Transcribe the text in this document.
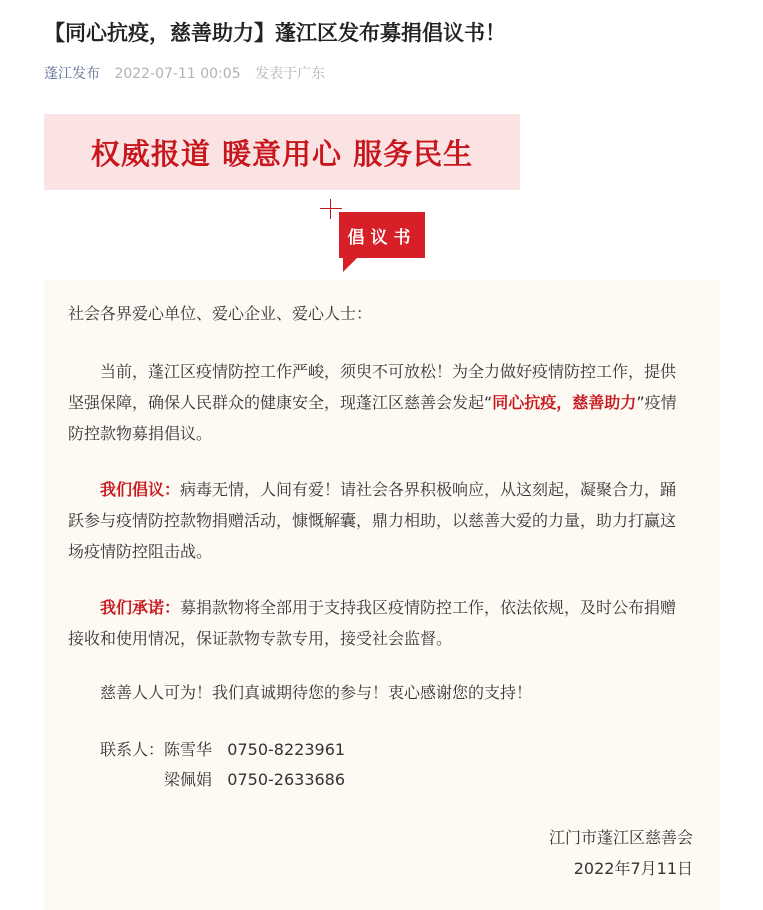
【同心抗疫，慈善助力】蓬江区发布募捐倡议书！
蓬江发布 2022-07-11 00:05 发表于广东
权威报道 暖意用心 服务民生
倡议书
社会各界爱心单位、爱心企业、爱心人士：
当前，蓬江区疫情防控工作严峻，须臾不可放松！为全力做好疫情防控工作，提供坚强保障，确保人民群众的健康安全，现蓬江区慈善会发起“同心抗疫，慈善助力”疫情防控款物募捐倡议。
我们倡议：病毒无情，人间有爱！请社会各界积极响应，从这刻起，凝聚合力，踊跃参与疫情防控款物捐赠活动，慷慨解囊，鼎力相助，以慈善大爱的力量，助力打赢这场疫情防控阻击战。
我们承诺：募捐款物将全部用于支持我区疫情防控工作，依法依规，及时公布捐赠接收和使用情况，保证款物专款专用，接受社会监督。
慈善人人可为！我们真诚期待您的参与！衷心感谢您的支持！
联系人：陈雪华 0750-8223961
梁佩娟 0750-2633686
江门市蓬江区慈善会
2022年7月11日
